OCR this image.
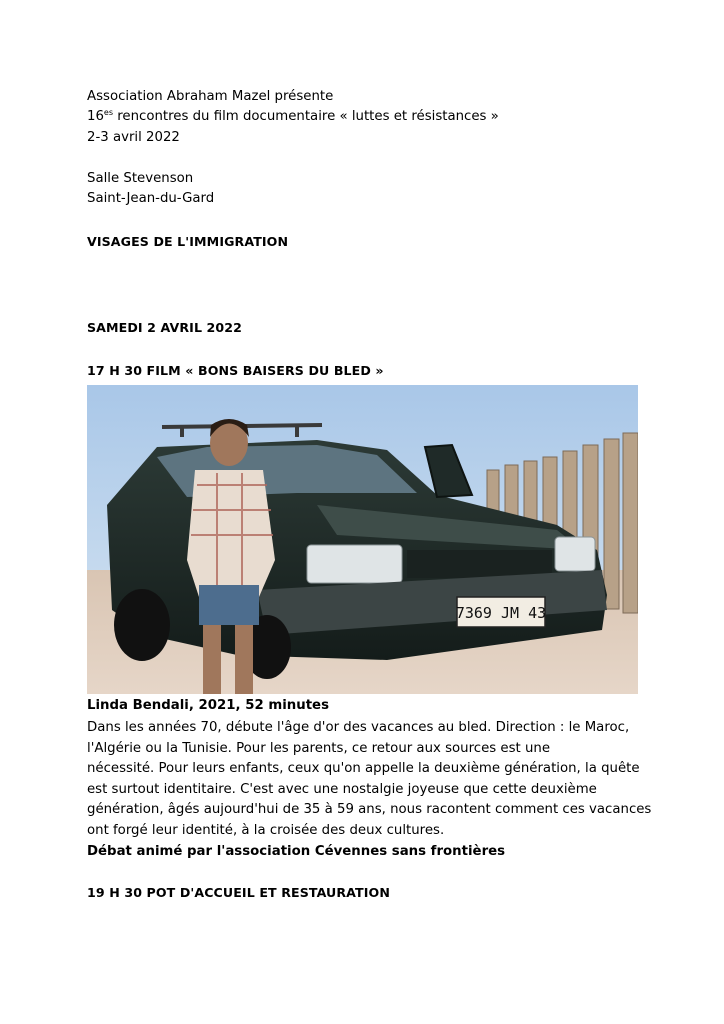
Association Abraham Mazel présente
$16^{es}$ rencontres du film documentaire « luttes et résistances »
2-3 avril 2022
Salle Stevenson
Saint-Jean-du-Gard
VISAGES DE L'IMMIGRATION
SAMEDI 2 AVRIL 2022
17 H 30 FILM « BONS BAISERS DU BLED »
7369 JM 43
Linda Bendali, 2021, 52 minutes
Dans les années 70, débute l'âge d'or des vacances au bled. Direction : le Maroc,
l'Algérie ou la Tunisie. Pour les parents, ce retour aux sources est une
nécessité. Pour leurs enfants, ceux qu'on appelle la deuxième génération, la quête
est surtout identitaire. C'est avec une nostalgie joyeuse que cette deuxième
génération, âgés aujourd'hui de 35 à 59 ans, nous racontent comment ces vacances
ont forgé leur identité, à la croisée des deux cultures.
Débat animé par l'association Cévennes sans frontières
19 H 30 POT D'ACCUEIL ET RESTAURATION
